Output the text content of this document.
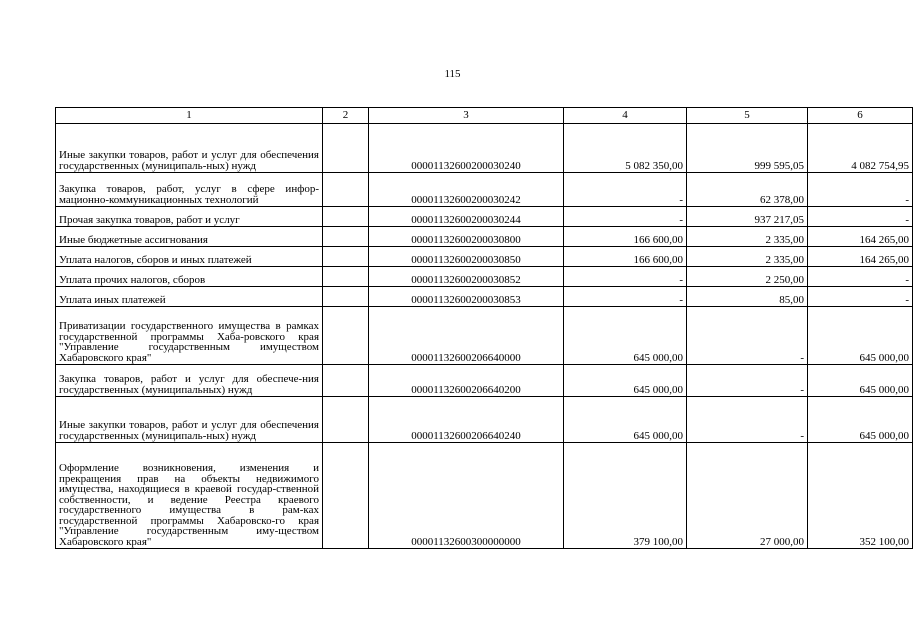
115
1	2	3	4	5	6
Иные закупки товаров, работ и услуг для обеспечения государственных (муниципаль-ных) нужд		00001132600200030240	5 082 350,00	999 595,05	4 082 754,95
Закупка товаров, работ, услуг в сфере инфор-мационно-коммуникационных технологий		00001132600200030242	-	62 378,00	-
Прочая закупка товаров, работ и услуг		00001132600200030244	-	937 217,05	-
Иные бюджетные ассигнования		00001132600200030800	166 600,00	2 335,00	164 265,00
Уплата налогов, сборов и иных платежей		00001132600200030850	166 600,00	2 335,00	164 265,00
Уплата прочих налогов, сборов		00001132600200030852	-	2 250,00	-
Уплата иных платежей		00001132600200030853	-	85,00	-
Приватизации государственного имущества в рамках государственной программы Хаба-ровского края "Управление государственным имуществом Хабаровского края"		00001132600206640000	645 000,00	-	645 000,00
Закупка товаров, работ и услуг для обеспече-ния государственных (муниципальных) нужд		00001132600206640200	645 000,00	-	645 000,00
Иные закупки товаров, работ и услуг для обеспечения государственных (муниципаль-ных) нужд		00001132600206640240	645 000,00	-	645 000,00
Оформление возникновения, изменения и прекращения прав на объекты недвижимого имущества, находящиеся в краевой государ-ственной собственности, и ведение Реестра краевого государственного имущества в рам-ках государственной программы Хабаровско-го края "Управление государственным иму-ществом Хабаровского края"		00001132600300000000	379 100,00	27 000,00	352 100,00
